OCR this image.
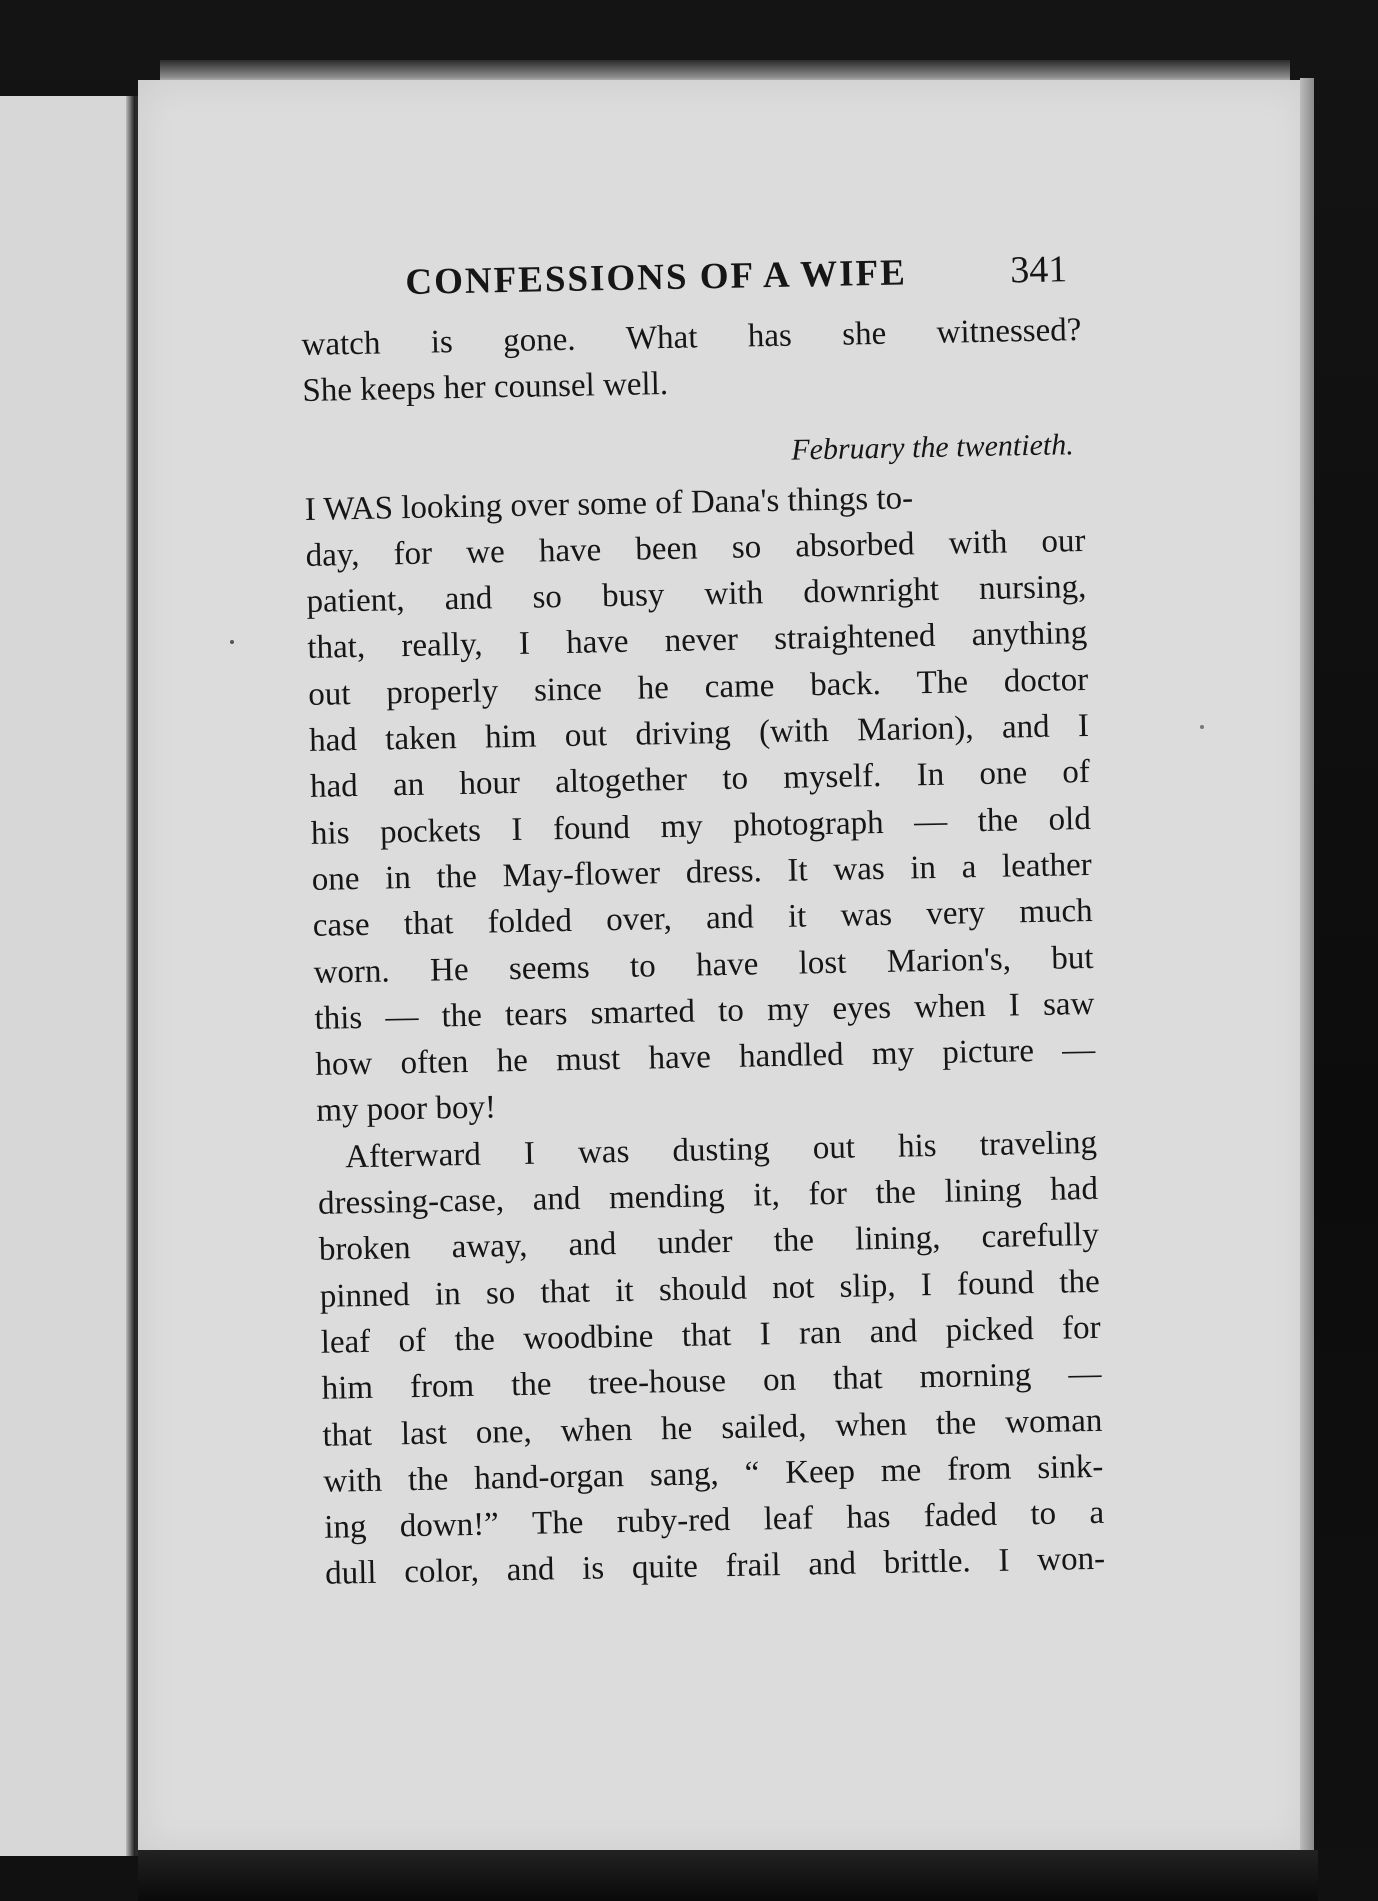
CONFESSIONS OF A WIFE	341
watch is gone. What has she witnessed?
She keeps her counsel well.
February the twentieth.
I WAS looking over some of Dana's things to-
day, for we have been so absorbed with our
patient, and so busy with downright nursing,
that, really, I have never straightened anything
out properly since he came back. The doctor
had taken him out driving (with Marion), and I
had an hour altogether to myself. In one of
his pockets I found my photograph — the old
one in the May-flower dress. It was in a leather
case that folded over, and it was very much
worn. He seems to have lost Marion's, but
this — the tears smarted to my eyes when I saw
how often he must have handled my picture —
my poor boy!
Afterward I was dusting out his traveling
dressing-case, and mending it, for the lining had
broken away, and under the lining, carefully
pinned in so that it should not slip, I found the
leaf of the woodbine that I ran and picked for
him from the tree-house on that morning —
that last one, when he sailed, when the woman
with the hand-organ sang, “ Keep me from sink-
ing down!” The ruby-red leaf has faded to a
dull color, and is quite frail and brittle. I won-
